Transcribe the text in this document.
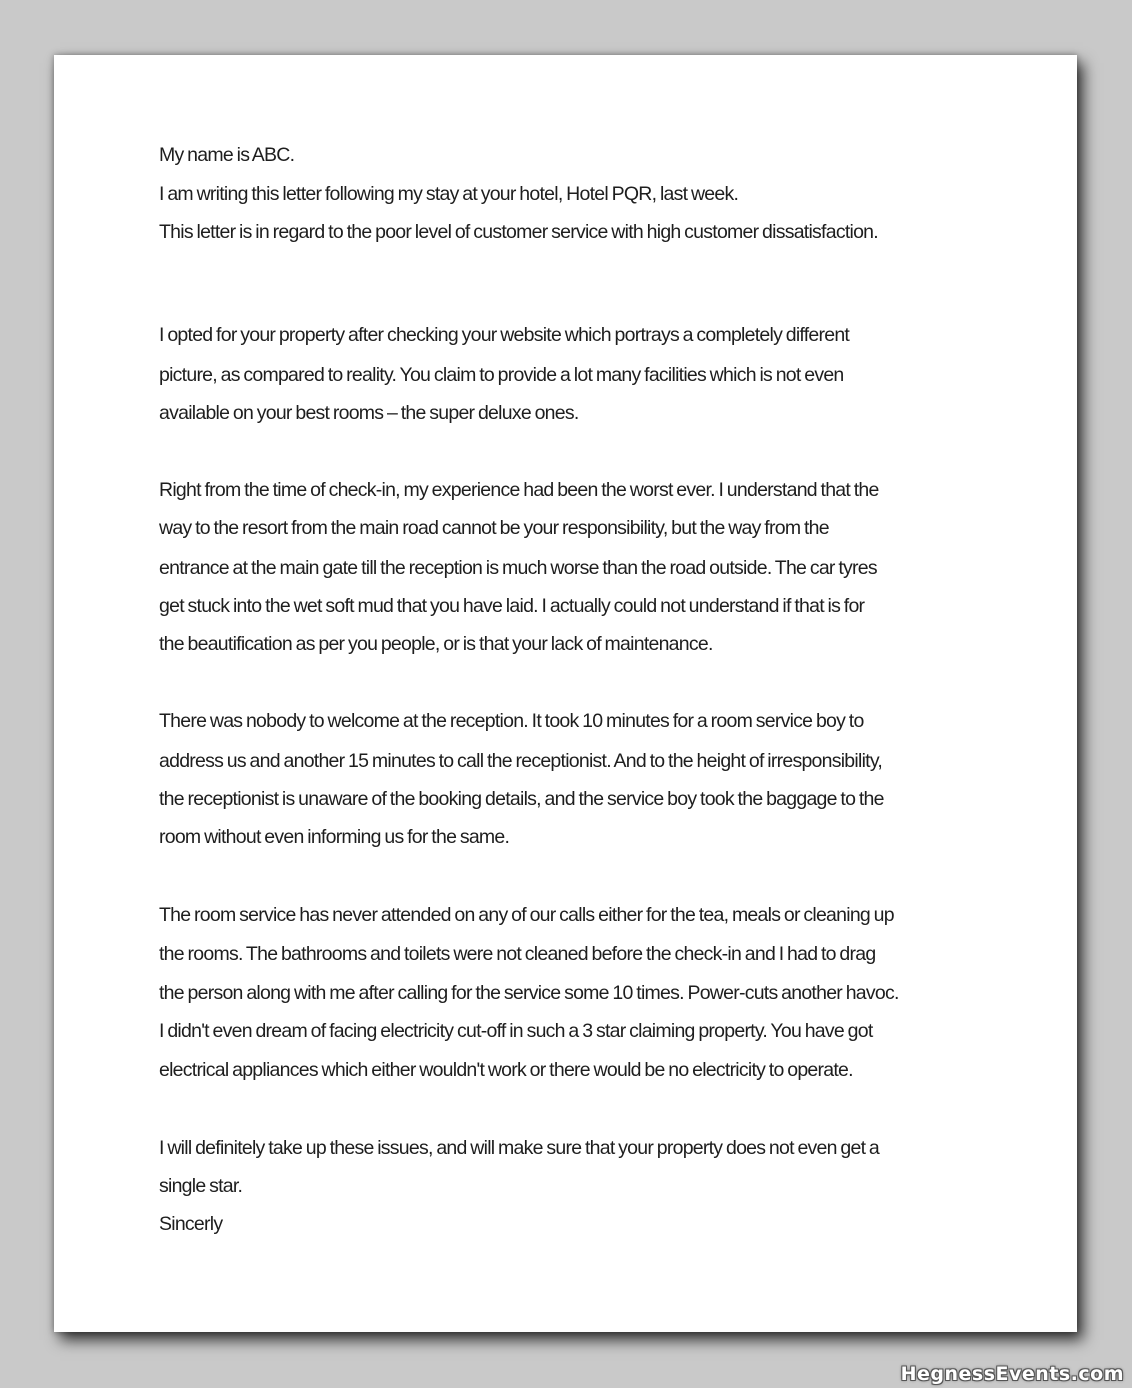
My name is ABC.

I am writing this letter following my stay at your hotel, Hotel PQR, last week.

This letter is in regard to the poor level of customer service with high customer dissatisfaction.

I opted for your property after checking your website which portrays a completely different

picture, as compared to reality. You claim to provide a lot many facilities which is not even

available on your best rooms – the super deluxe ones.

Right from the time of check-in, my experience had been the worst ever. I understand that the

way to the resort from the main road cannot be your responsibility, but the way from the

entrance at the main gate till the reception is much worse than the road outside. The car tyres

get stuck into the wet soft mud that you have laid. I actually could not understand if that is for

the beautification as per you people, or is that your lack of maintenance.

There was nobody to welcome at the reception. It took 10 minutes for a room service boy to

address us and another 15 minutes to call the receptionist. And to the height of irresponsibility,

the receptionist is unaware of the booking details, and the service boy took the baggage to the

room without even informing us for the same.

The room service has never attended on any of our calls either for the tea, meals or cleaning up

the rooms. The bathrooms and toilets were not cleaned before the check-in and I had to drag

the person along with me after calling for the service some 10 times. Power-cuts another havoc.

I didn't even dream of facing electricity cut-off in such a 3 star claiming property. You have got

electrical appliances which either wouldn't work or there would be no electricity to operate.

I will definitely take up these issues, and will make sure that your property does not even get a

single star.

Sincerly

HegnessEvents.com
